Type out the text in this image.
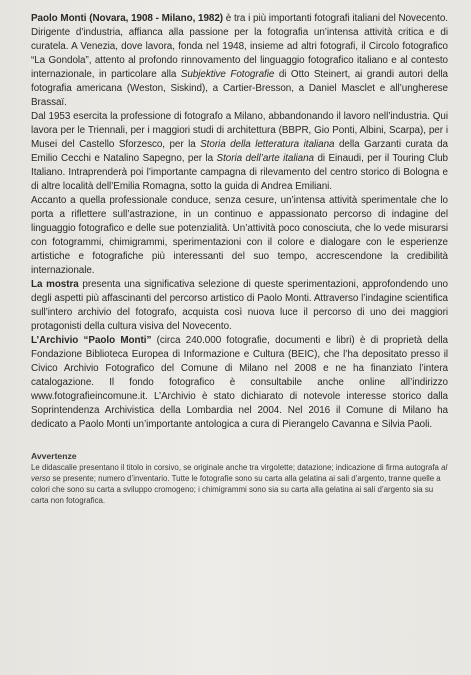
Paolo Monti (Novara, 1908 - Milano, 1982) è tra i più importanti fotografi italiani del Novecento. Dirigente d’industria, affianca alla passione per la fotografia un’intensa attività critica e di curatela. A Venezia, dove lavora, fonda nel 1948, insieme ad altri fotografi, il Circolo fotografico “La Gondola”, attento al profondo rinnovamento del linguaggio fotografico italiano e al contesto internazionale, in particolare alla Subjektive Fotografie di Otto Steinert, ai grandi autori della fotografia americana (Weston, Siskind), a Cartier-Bresson, a Daniel Masclet e all’ungherese Brassaï.

Dal 1953 esercita la professione di fotografo a Milano, abbandonando il lavoro nell’industria. Qui lavora per le Triennali, per i maggiori studi di architettura (BBPR, Gio Ponti, Albini, Scarpa), per i Musei del Castello Sforzesco, per la Storia della letteratura italiana della Garzanti curata da Emilio Cecchi e Natalino Sapegno, per la Storia dell’arte italiana di Einaudi, per il Touring Club Italiano. Intraprenderà poi l’importante campagna di rilevamento del centro storico di Bologna e di altre località dell’Emilia Romagna, sotto la guida di Andrea Emiliani.

Accanto a quella professionale conduce, senza cesure, un’intensa attività sperimentale che lo porta a riflettere sull’astrazione, in un continuo e appassionato percorso di indagine del linguaggio fotografico e delle sue potenzialità. Un’attività poco conosciuta, che lo vede misurarsi con fotogrammi, chimigrammi, sperimentazioni con il colore e dialogare con le esperienze artistiche e fotografiche più interessanti del suo tempo, accrescendone la credibilità internazionale.

La mostra presenta una significativa selezione di queste sperimentazioni, approfondendo uno degli aspetti più affascinanti del percorso artistico di Paolo Monti. Attraverso l’indagine scientifica sull’intero archivio del fotografo, acquista così nuova luce il percorso di uno dei maggiori protagonisti della cultura visiva del Novecento.

L’Archivio “Paolo Monti” (circa 240.000 fotografie, documenti e libri) è di proprietà della Fondazione Biblioteca Europea di Informazione e Cultura (BEIC), che l’ha depositato presso il Civico Archivio Fotografico del Comune di Milano nel 2008 e ne ha finanziato l’intera catalogazione. Il fondo fotografico è consultabile anche online all’indirizzo www.fotografieincomune.it. L’Archivio è stato dichiarato di notevole interesse storico dalla Soprintendenza Archivistica della Lombardia nel 2004. Nel 2016 il Comune di Milano ha dedicato a Paolo Monti un’importante antologica a cura di Pierangelo Cavanna e Silvia Paoli.

Avvertenze

Le didascalie presentano il titolo in corsivo, se originale anche tra virgolette; datazione; indicazione di firma autografa al verso se presente; numero d’inventario. Tutte le fotografie sono su carta alla gelatina ai sali d’argento, tranne quelle a colori che sono su carta a sviluppo cromogeno; i chimigrammi sono sia su carta alla gelatina ai sali d’argento sia su carta non fotografica.
